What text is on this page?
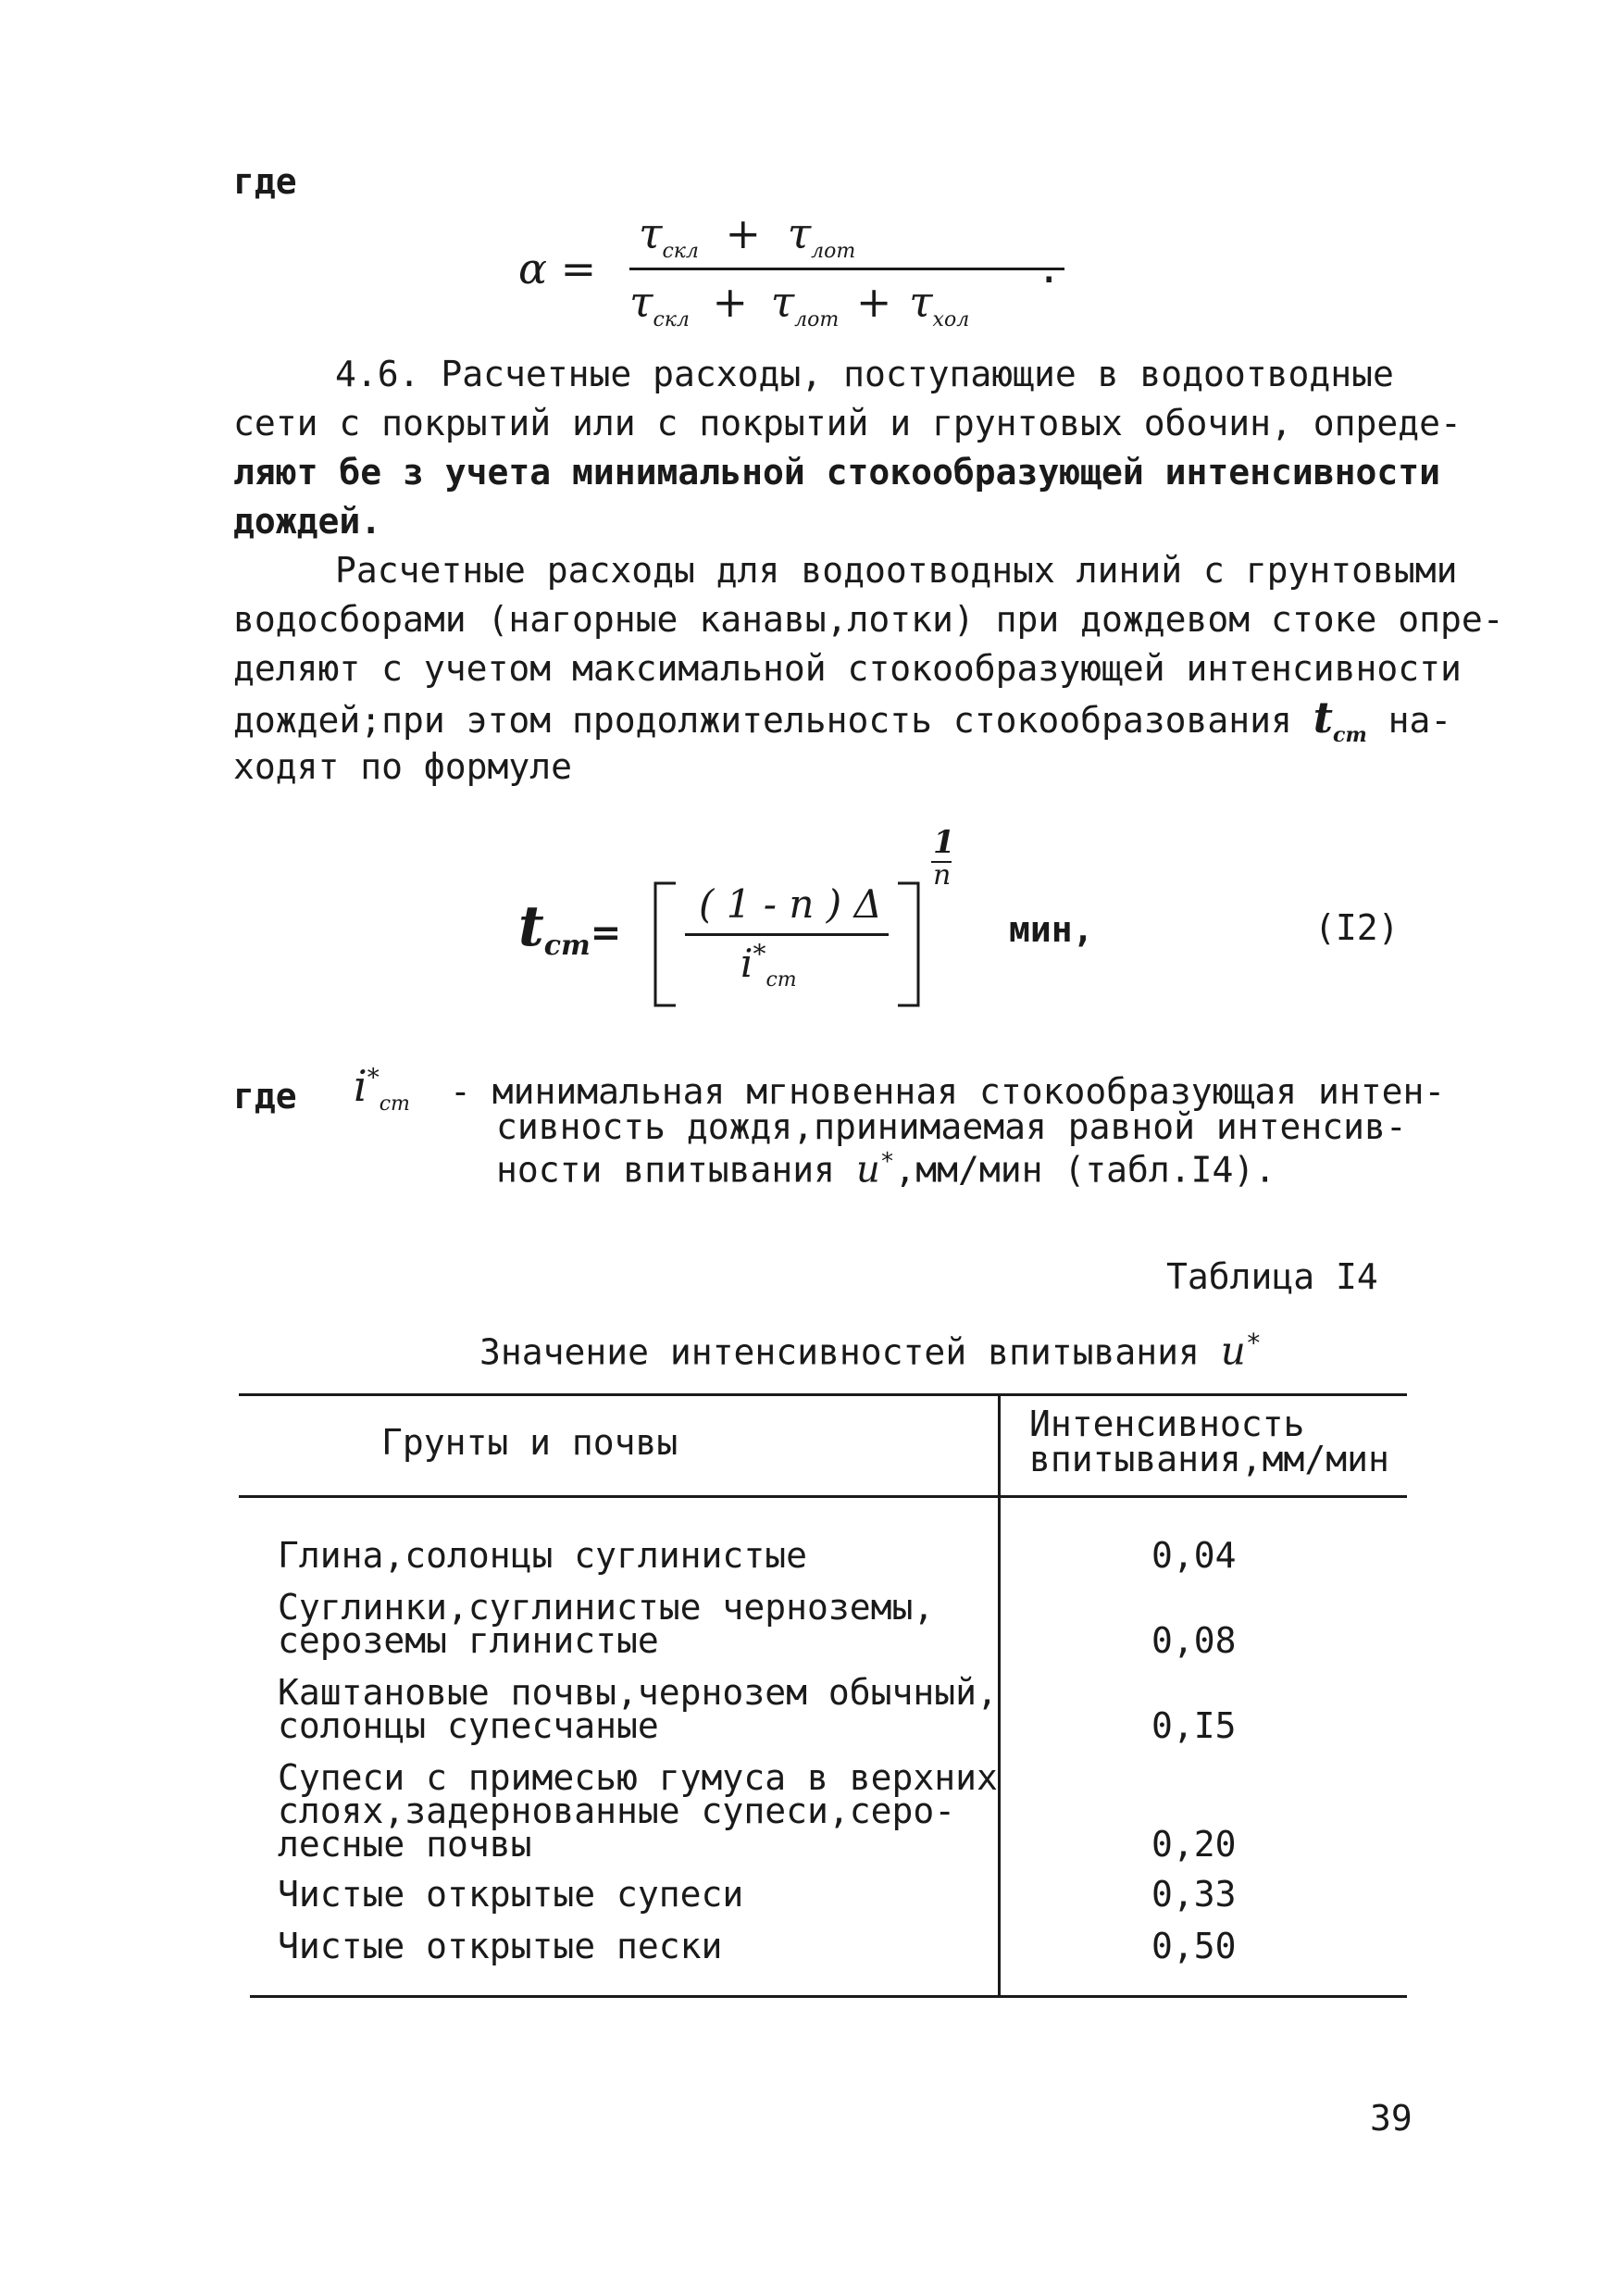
где
α =
$\tau_{скл} + \tau_{лот}$
$\tau_{скл} + \tau_{лот} + \tau_{хол}$
.
4.6. Расчетные расходы, поступающие в водоотводные
сети с покрытий или с покрытий и грунтовых обочин, опреде-
ляют бе з учета минимальной стокообразующей интенсивности
дождей.
Расчетные расходы для водоотводных линий с грунтовыми
водосборами (нагорные канавы,лотки) при дождевом стоке опре-
деляют с учетом максимальной стокообразующей интенсивности
дождей;при этом продолжительность стокообразования $t_{ст}$ на-
ходят по формуле
$t_{ст}=$
( 1 - n ) Δ
$i^*_{ст}$
1
n
мин,	(I2)
где $i^*_{ст}$ - минимальная мгновенная стокообразующая интен-
сивность дождя,принимаемая равной интенсив-
ности впитывания u*,мм/мин (табл.I4).
Таблица I4
Значение интенсивностей впитывания u*
Грунты и почвы	Интенсивность
впитывания,мм/мин
Глина,солонцы суглинистые	0,04
Суглинки,суглинистые черноземы,
сероземы глинистые	0,08
Каштановые почвы,чернозем обычный,
солонцы супесчаные	0,I5
Супеси с примесью гумуса в верхних
слоях,задернованные супеси,серо-
лесные почвы	0,20
Чистые открытые супеси	0,33
Чистые открытые пески	0,50
39
